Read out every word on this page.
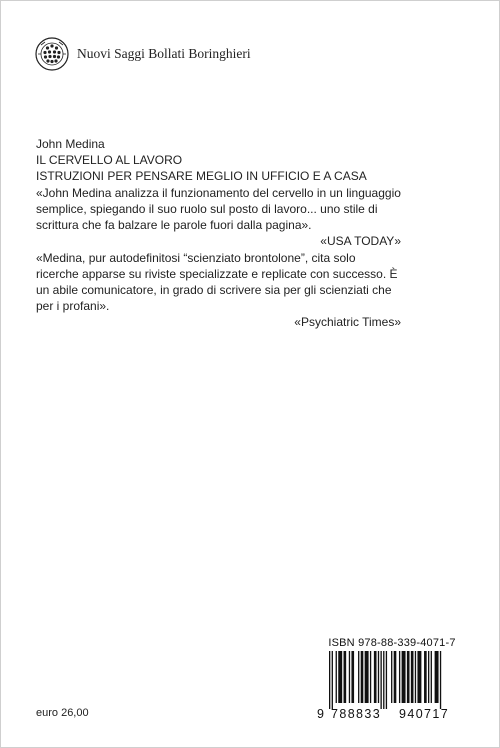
Nuovi Saggi Bollati Boringhieri
John Medina
IL CERVELLO AL LAVORO
ISTRUZIONI PER PENSARE MEGLIO IN UFFICIO E A CASA

«John Medina analizza il funzionamento del cervello in un linguaggio semplice, spiegando il suo ruolo sul posto di lavoro... uno stile di scrittura che fa balzare le parole fuori dalla pagina».

«USA TODAY»

«Medina, pur autodefinitosi “scienziato brontolone”, cita solo ricerche apparse su riviste specializzate e replicate con successo. È un abile comunicatore, in grado di scrivere sia per gli scienziati che per i profani».

«Psychiatric Times»

euro 26,00
ISBN 978-88-339-4071-7
9 788833 940717
